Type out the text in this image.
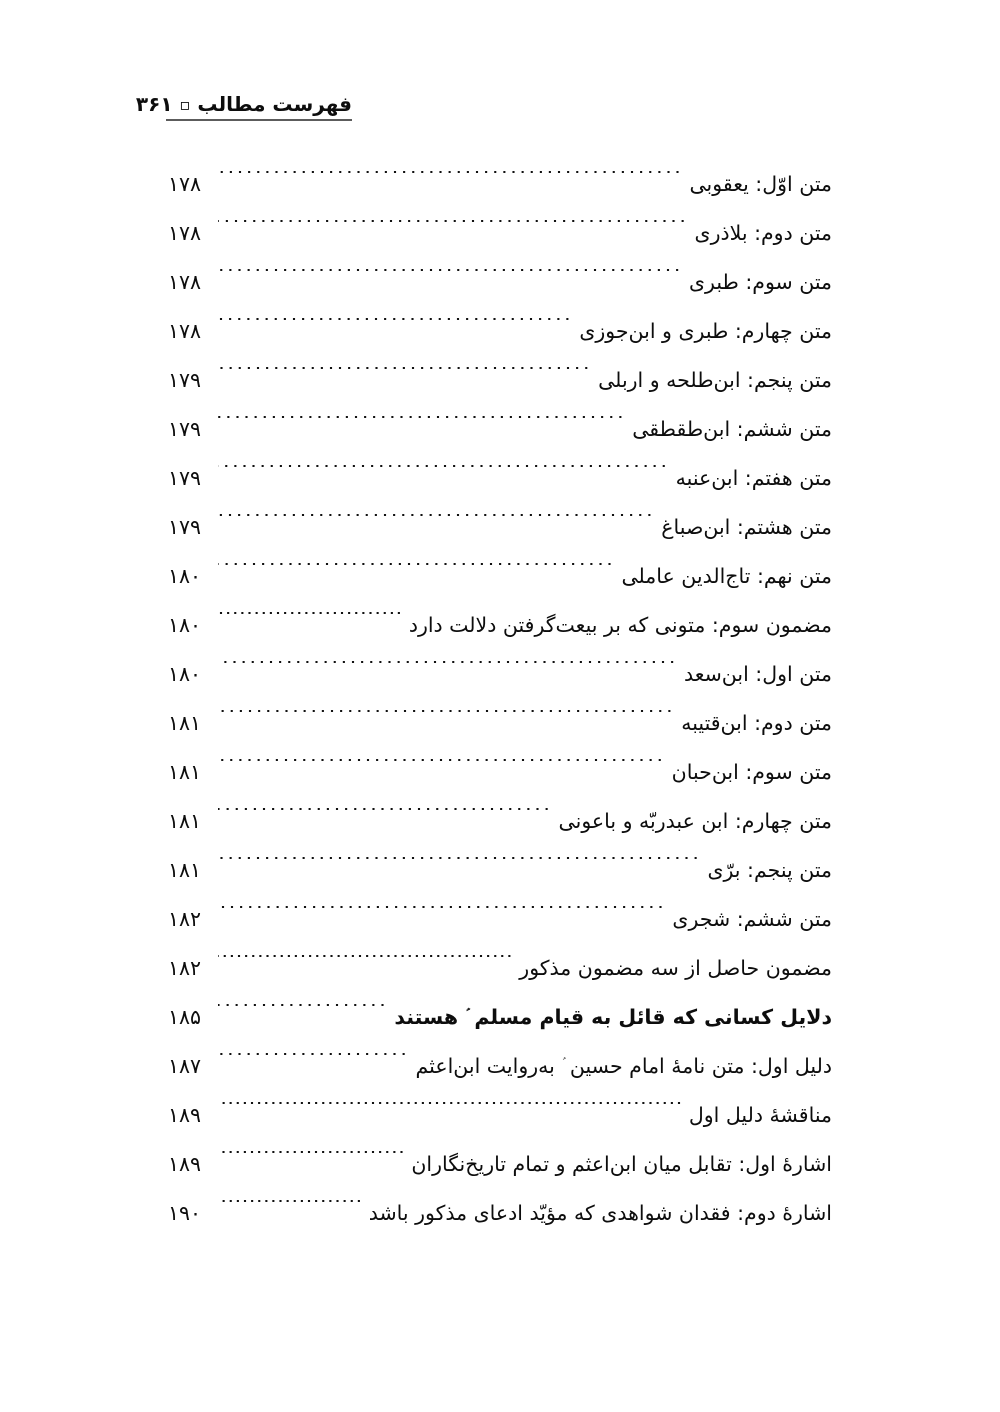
فهرست مطالب
▫
۳۶۱
متن اوّل: یعقوبی
.....
۱۷۸
متن دوم: بلاذری
.....
۱۷۸
متن سوم: طبری
.....
۱۷۸
متن چهارم: طبری و ابن‌جوزی
.....
۱۷۸
متن پنجم: ابن‌طلحه و اربلی
.....
۱۷۹
متن ششم: ابن‌طقطقی
.....
۱۷۹
متن هفتم: ابن‌عنبه
.....
۱۷۹
متن هشتم: ابن‌صباغ
.....
۱۷۹
متن نهم: تاج‌الدین عاملی
.....
۱۸۰
مضمون سوم: متونی که بر بیعت‌گرفتن دلالت دارد
.....
۱۸۰
متن اول: ابن‌سعد
.....
۱۸۰
متن دوم: ابن‌قتیبه
.....
۱۸۱
متن سوم: ابن‌حبان
.....
۱۸۱
متن چهارم: ابن عبدربّه و باعونی
.....
۱۸۱
متن پنجم: برّی
.....
۱۸۱
متن ششم: شجری
.....
۱۸۲
مضمون حاصل از سه مضمون مذکور
.....
۱۸۲
دلایل کسانی که قائل به قیام مسلم هستند
.....
۱۸۵
دلیل اول: متن نامهٔ امام حسین به‌روایت ابن‌اعثم
.....
۱۸۷
مناقشهٔ دلیل اول
.....
۱۸۹
اشارهٔ اول: تقابل میان ابن‌اعثم و تمام تاریخ‌نگاران
.....
۱۸۹
اشارهٔ دوم: فقدان شواهدی که مؤیّد ادعای مذکور باشد
.....
۱۹۰
